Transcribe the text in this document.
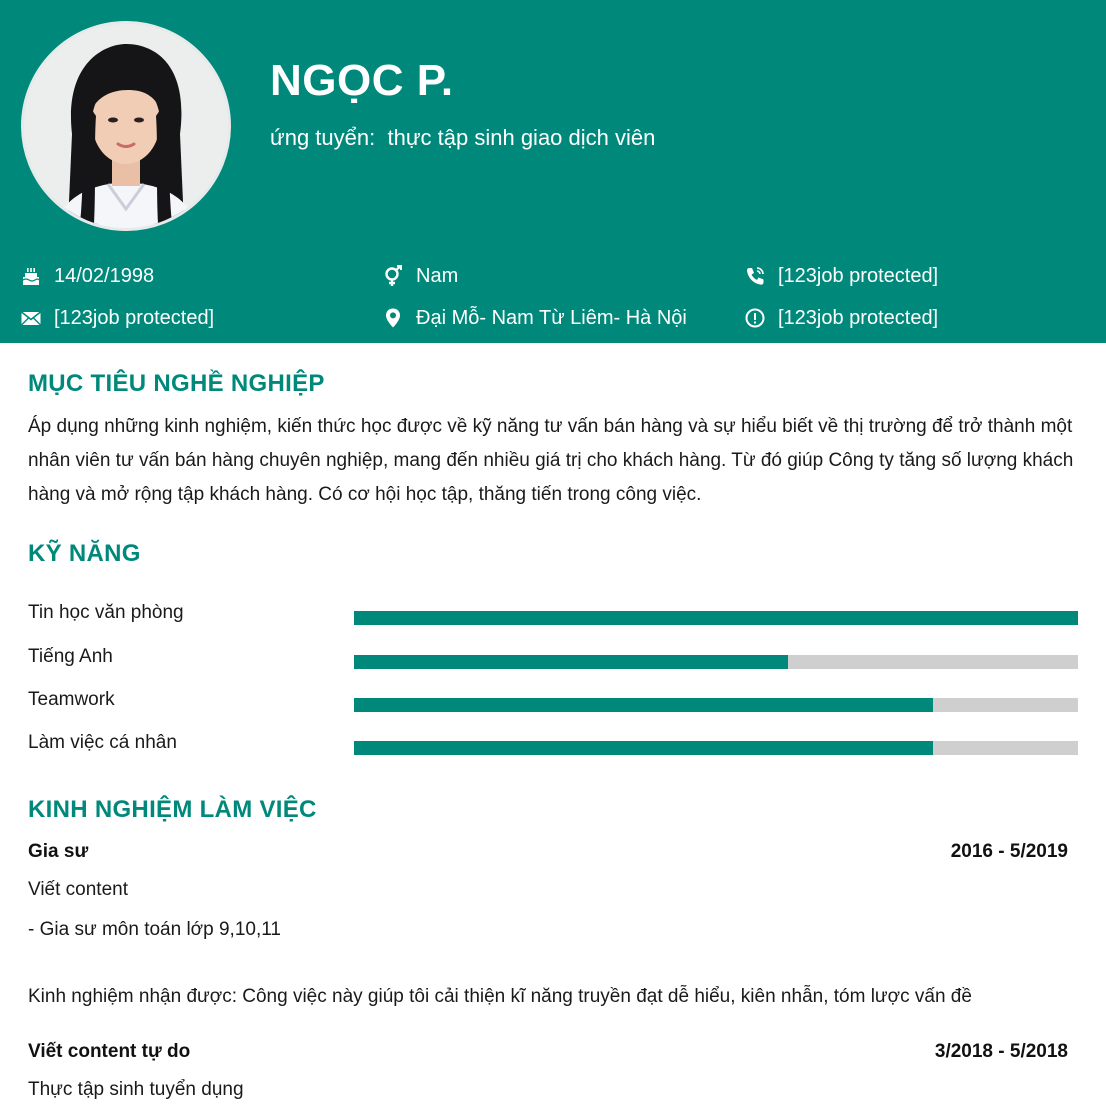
NGỌC P.
ứng tuyển:  thực tập sinh giao dịch viên
14/02/1998	Nam	[123job protected]
[123job protected]	Đại Mỗ- Nam Từ Liêm- Hà Nội	[123job protected]
MỤC TIÊU NGHỀ NGHIỆP
Áp dụng những kinh nghiệm, kiến thức học được về kỹ năng tư vấn bán hàng và sự hiểu biết về thị trường để trở thành một nhân viên tư vấn bán hàng chuyên nghiệp, mang đến nhiều giá trị cho khách hàng. Từ đó giúp Công ty tăng số lượng khách hàng và mở rộng tập khách hàng. Có cơ hội học tập, thăng tiến trong công việc.
KỸ NĂNG
Tin học văn phòng
Tiếng Anh
Teamwork
Làm việc cá nhân
KINH NGHIỆM LÀM VIỆC
Gia sư	2016 - 5/2019
Viết content
- Gia sư môn toán lớp 9,10,11
Kinh nghiệm nhận được: Công việc này giúp tôi cải thiện kĩ năng truyền đạt dễ hiểu, kiên nhẫn, tóm lược vấn đề
Viết content tự do	3/2018 - 5/2018
Thực tập sinh tuyển dụng
